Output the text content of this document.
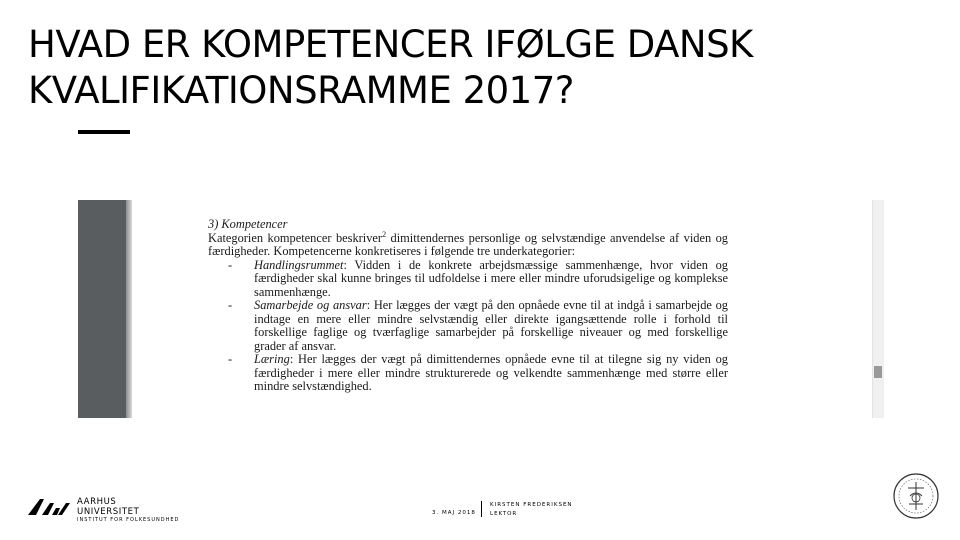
HVAD ER KOMPETENCER IFØLGE DANSK
KVALIFIKATIONSRAMME 2017?

3) Kompetencer

Kategorien kompetencer beskriver$^2$ dimittendernes personlige og selvstændige anvendelse af viden og færdigheder. Kompetencerne konkretiseres i følgende tre underkategorier:

- Handlingsrummet: Vidden i de konkrete arbejdsmæssige sammenhænge, hvor viden og færdigheder skal kunne bringes til udfoldelse i mere eller mindre uforudsigelige og komplekse sammenhænge.
- Samarbejde og ansvar: Her lægges der vægt på den opnåede evne til at indgå i samarbejde og indtage en mere eller mindre selvstændig eller direkte igangsættende rolle i forhold til forskellige faglige og tværfaglige samarbejder på forskellige niveauer og med forskellige grader af ansvar.
- Læring: Her lægges der vægt på dimittendernes opnåede evne til at tilegne sig ny viden og færdigheder i mere eller mindre strukturerede og velkendte sammenhænge med større eller mindre selvstændighed.
AARHUS
UNIVERSITET
INSTITUT FOR FOLKESUNDHED
3. MAJ 2018
KIRSTEN FREDERIKSEN
LEKTOR
